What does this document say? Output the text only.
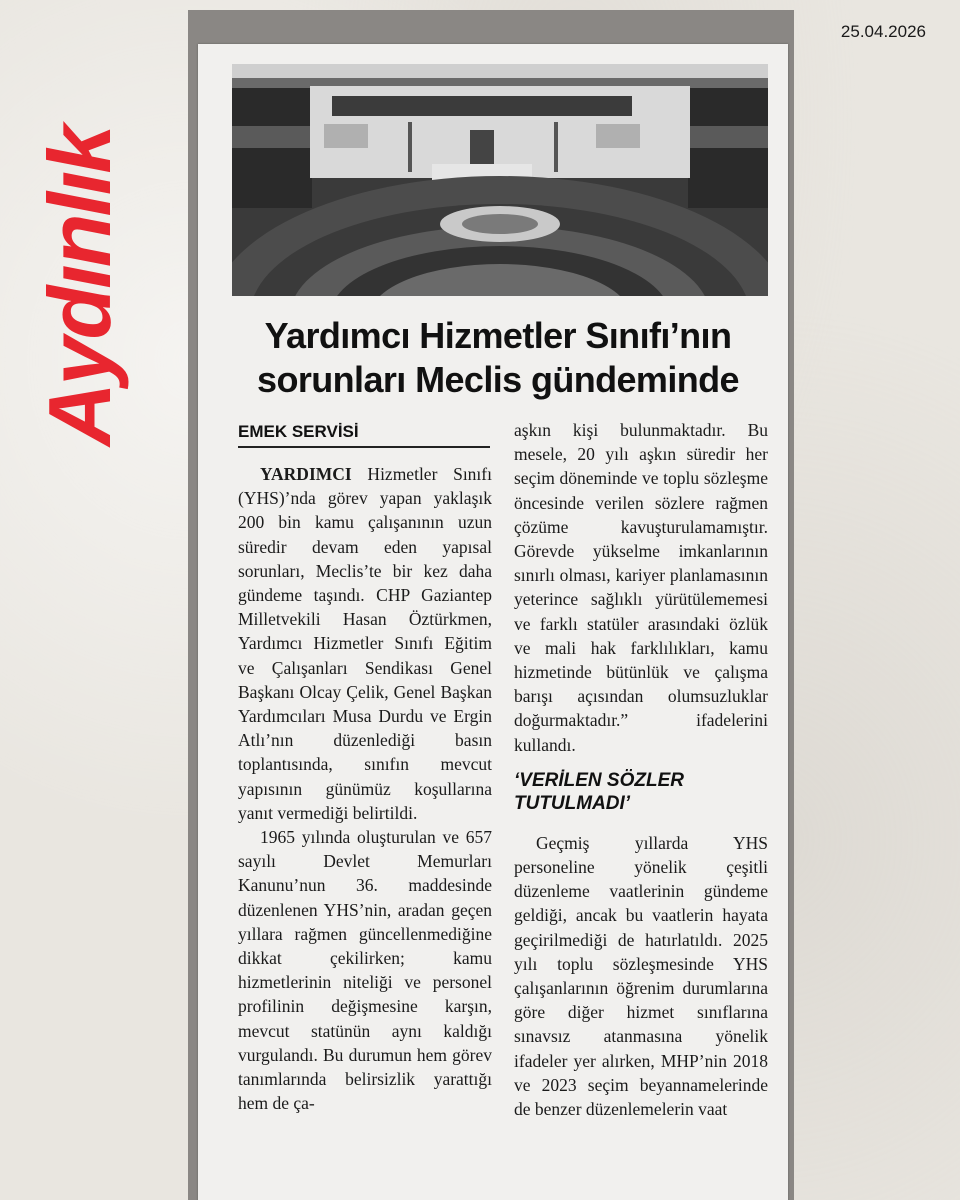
25.04.2026
Aydınlık	Yardımcı Hizmetler Sınıfı’nın
sorunları Meclis gündeminde
EMEK SERVİSİ

YARDIMCI Hizmetler Sınıfı (YHS)’nda görev yapan yaklaşık 200 bin kamu çalışanının uzun süredir devam eden yapısal sorunları, Meclis’te bir kez daha gündeme taşındı. CHP Gaziantep Milletvekili Hasan Öztürkmen, Yardımcı Hizmetler Sınıfı Eğitim ve Çalışanları Sendikası Genel Başkanı Olcay Çelik, Genel Başkan Yardımcıları Musa Durdu ve Ergin Atlı’nın düzenlediği basın toplantısında, sınıfın mevcut yapısının günümüz koşullarına yanıt vermediği belirtildi.

1965 yılında oluşturulan ve 657 sayılı Devlet Memurları Kanunu’nun 36. maddesinde düzenlenen YHS’nin, aradan geçen yıllara rağmen güncellenmediğine dikkat çekilirken; kamu hizmetlerinin niteliği ve personel profilinin değişmesine karşın, mevcut statünün aynı kaldığı vurgulandı. Bu durumun hem görev tanımlarında belirsizlik yarattığı hem de ça-

aşkın kişi bulunmaktadır. Bu mesele, 20 yılı aşkın süredir her seçim döneminde ve toplu sözleşme öncesinde verilen sözlere rağmen çözüme kavuşturulamamıştır. Görevde yükselme imkanlarının sınırlı olması, kariyer planlamasının yeterince sağlıklı yürütülememesi ve farklı statüler arasındaki özlük ve mali hak farklılıkları, kamu hizmetinde bütünlük ve çalışma barışı açısından olumsuzluklar doğurmaktadır.” ifadelerini kullandı.

‘VERİLEN SÖZLER TUTULMADI’

Geçmiş yıllarda YHS personeline yönelik çeşitli düzenleme vaatlerinin gündeme geldiği, ancak bu vaatlerin hayata geçirilmediği de hatırlatıldı. 2025 yılı toplu sözleşmesinde YHS çalışanlarının öğrenim durumlarına göre diğer hizmet sınıflarına sınavsız atanmasına yönelik ifadeler yer alırken, MHP’nin 2018 ve 2023 seçim beyannamelerinde de benzer düzenlemelerin vaat
